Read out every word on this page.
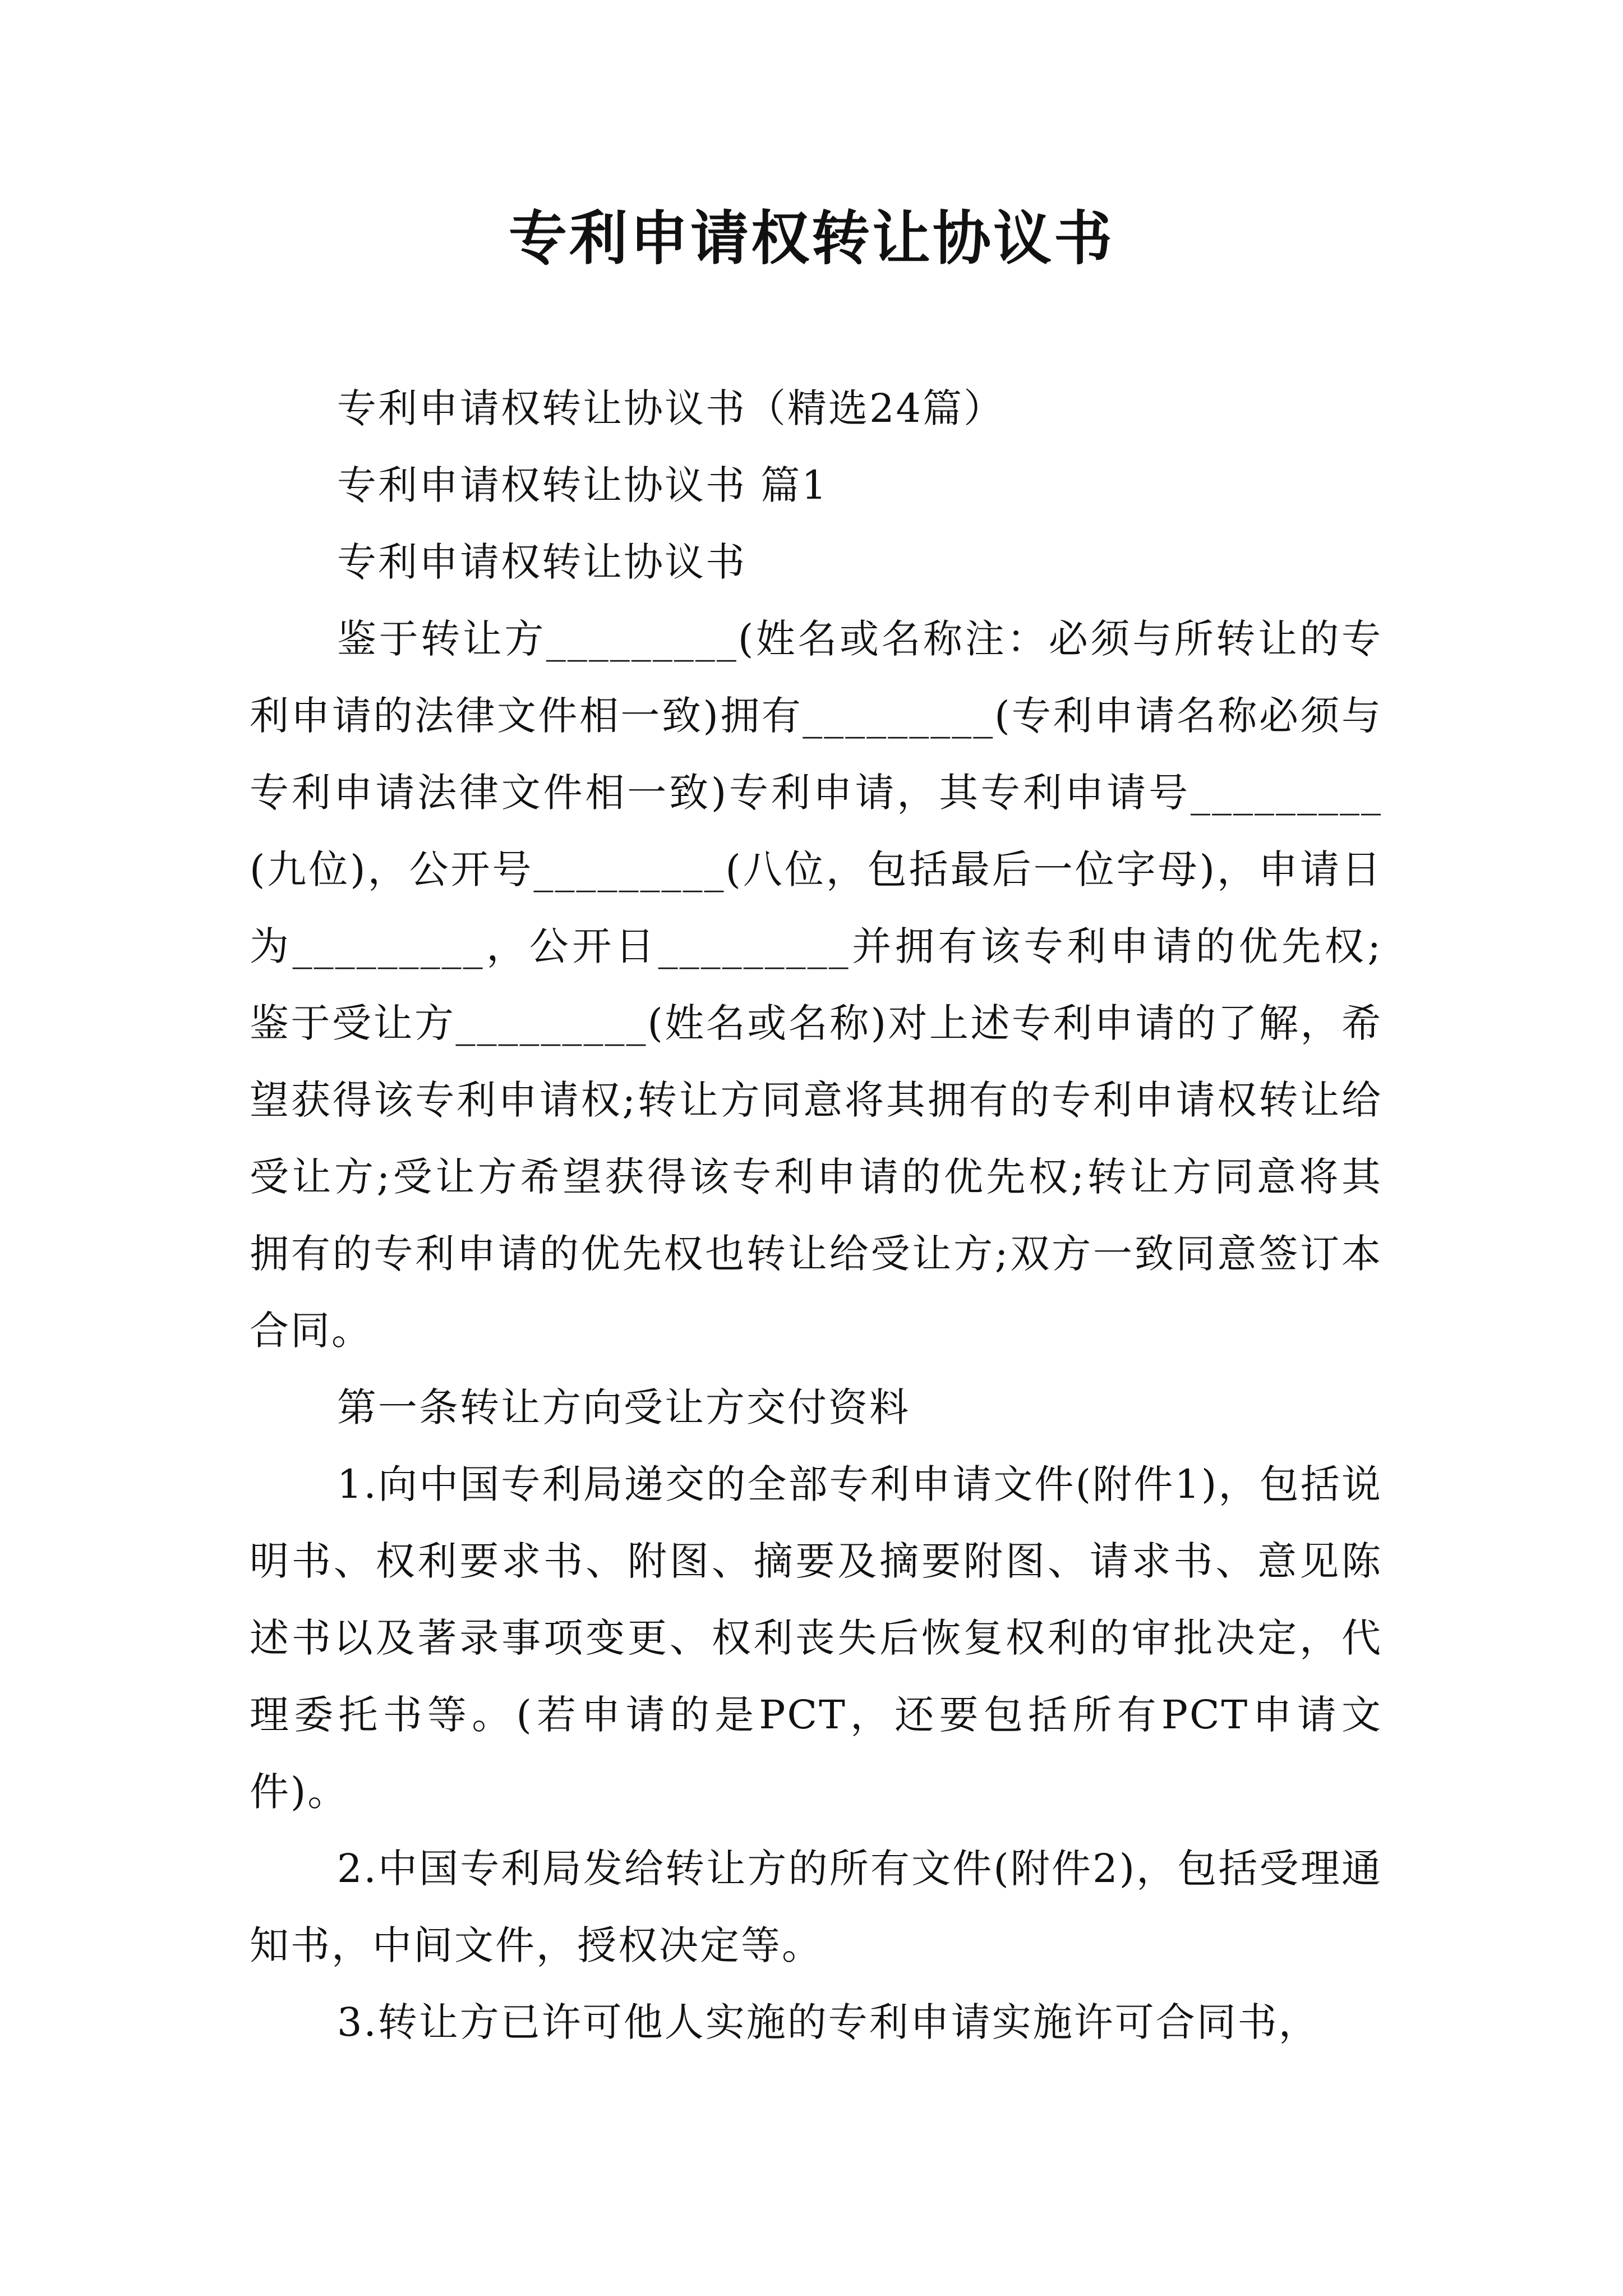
专利申请权转让协议书

专利申请权转让协议书（精选24篇）

专利申请权转让协议书 篇1

专利申请权转让协议书

鉴于转让方_________(姓名或名称注：必须与所转让的专利申请的法律文件相一致)拥有_________(专利申请名称必须与专利申请法律文件相一致)专利申请，其专利申请号_________(九位)，公开号_________(八位，包括最后一位字母)，申请日为_________，公开日_________并拥有该专利申请的优先权;鉴于受让方_________(姓名或名称)对上述专利申请的了解，希望获得该专利申请权;转让方同意将其拥有的专利申请权转让给受让方;受让方希望获得该专利申请的优先权;转让方同意将其拥有的专利申请的优先权也转让给受让方;双方一致同意签订本合同。

第一条转让方向受让方交付资料

1.向中国专利局递交的全部专利申请文件(附件1)，包括说明书、权利要求书、附图、摘要及摘要附图、请求书、意见陈述书以及著录事项变更、权利丧失后恢复权利的审批决定，代理委托书等。(若申请的是PCT，还要包括所有PCT申请文件)。

2.中国专利局发给转让方的所有文件(附件2)，包括受理通知书，中间文件，授权决定等。

3.转让方已许可他人实施的专利申请实施许可合同书，
